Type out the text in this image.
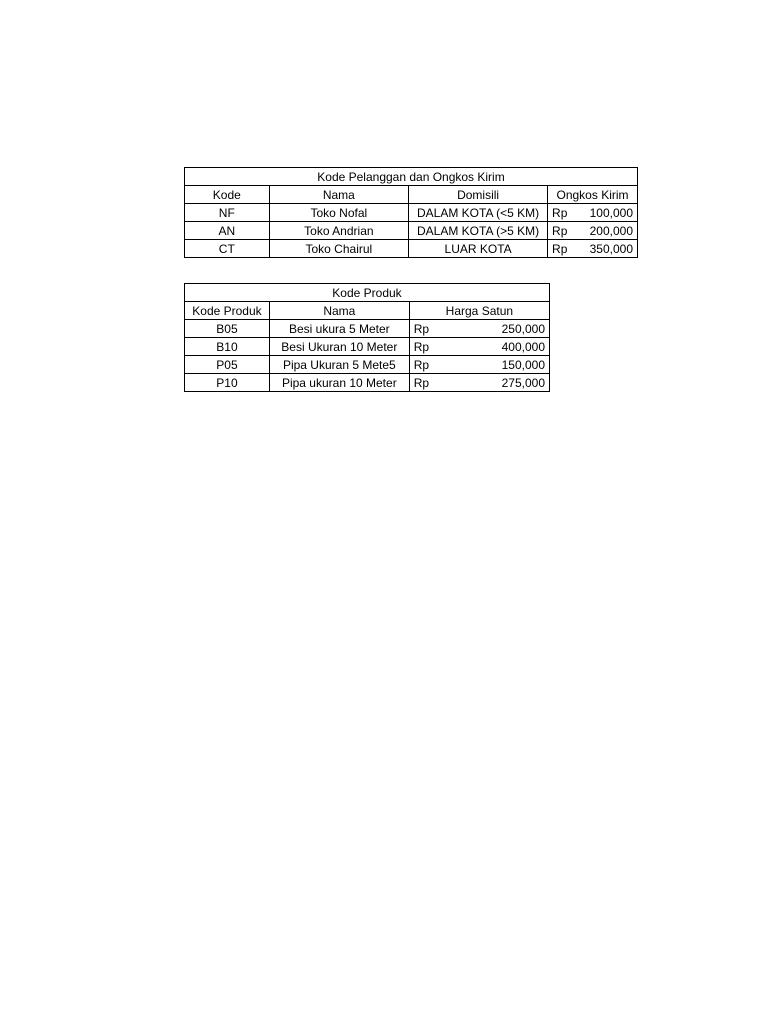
Kode Pelanggan dan Ongkos Kirim			
Kode	Nama	Domisili	Ongkos Kirim
NF	Toko Nofal	DALAM KOTA (<5 KM)	Rp 100,000

AN	Toko Andrian	DALAM KOTA (>5 KM)	Rp 200,000

CT	Toko Chairul	LUAR KOTA	Rp 350,000
Kode Produk		
Kode Produk	Nama	Harga Satun
B05	Besi ukura 5 Meter	Rp 250,000

B10	Besi Ukuran 10 Meter	Rp 400,000

P05	Pipa Ukuran 5 Mete5	Rp 150,000

P10	Pipa ukuran 10 Meter	Rp 275,000
